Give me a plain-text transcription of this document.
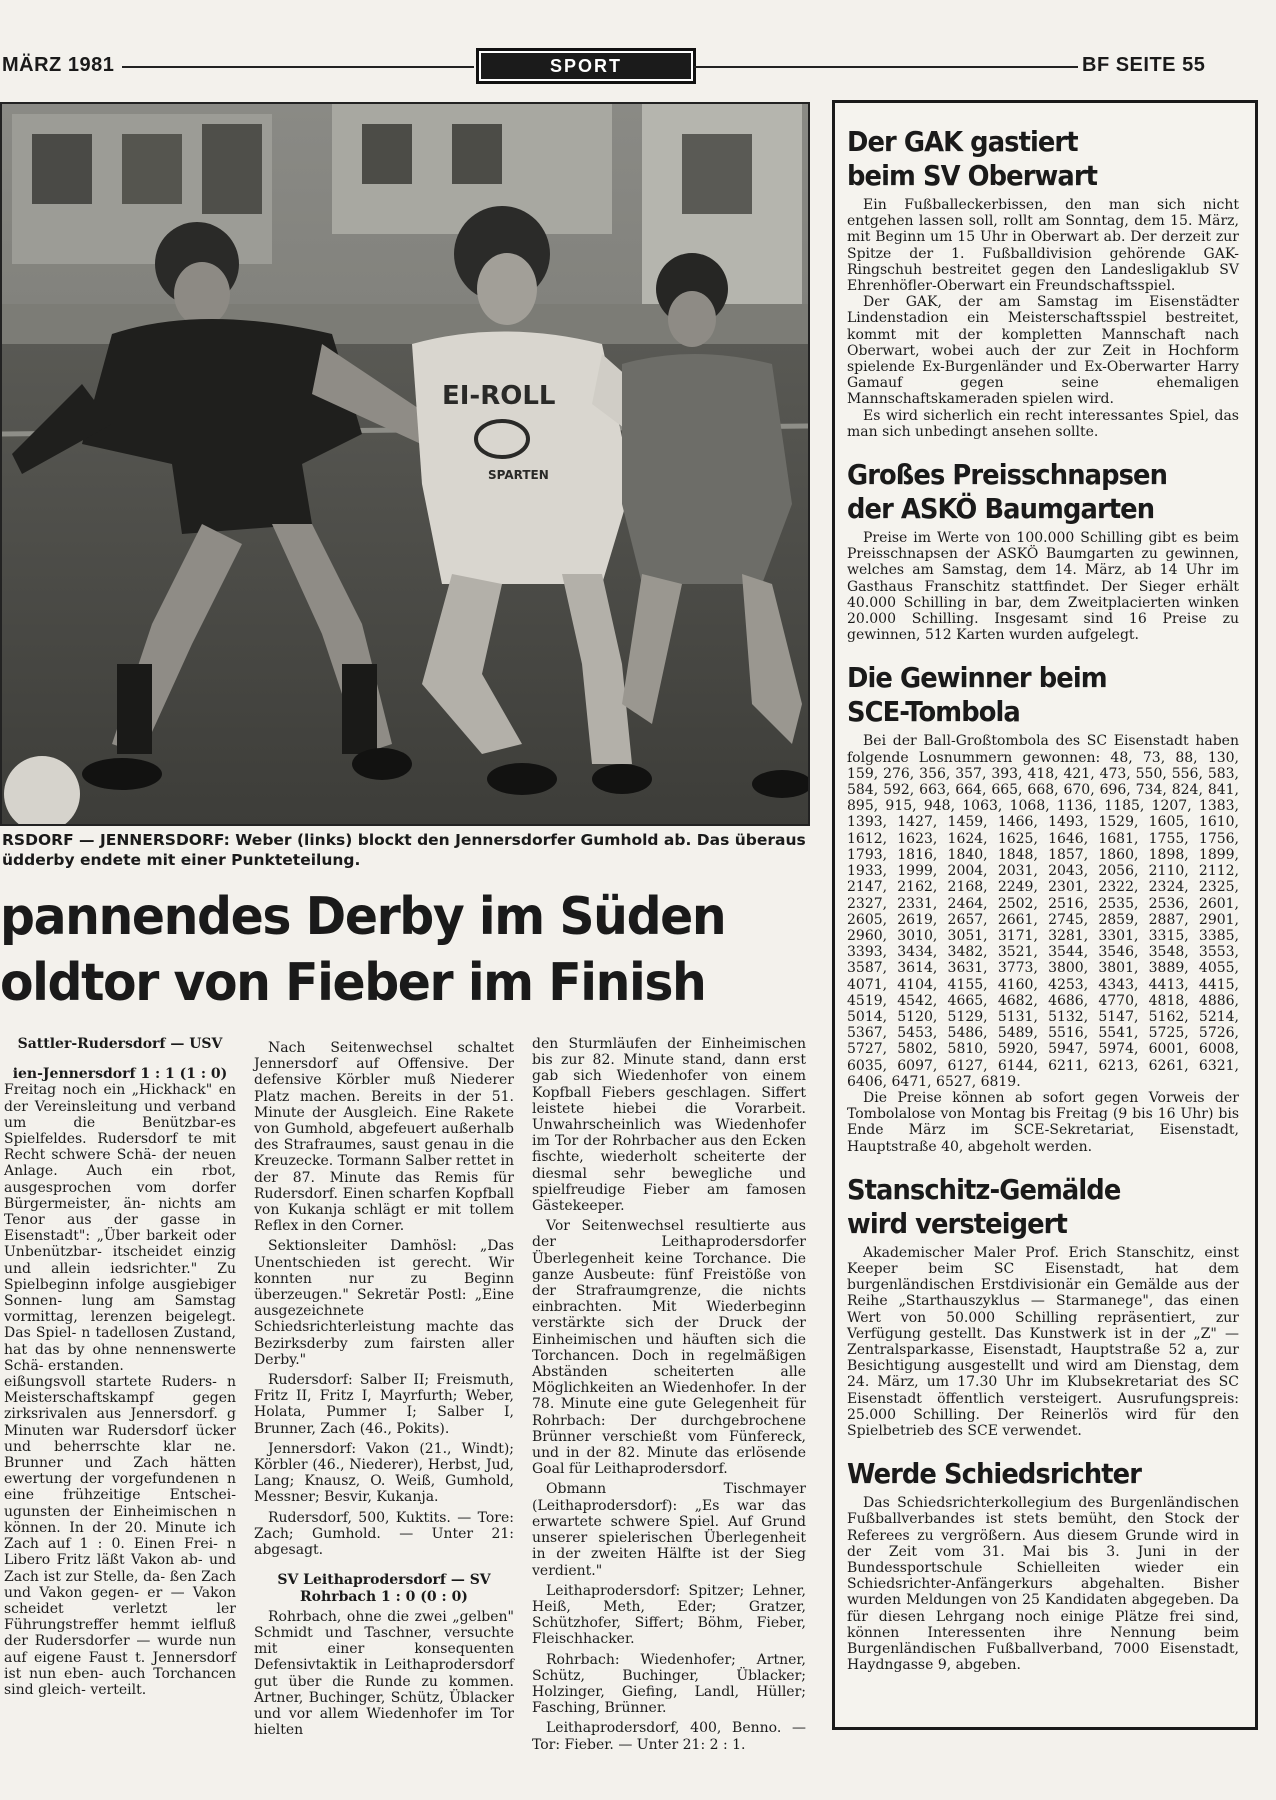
MÄRZ 1981	SPORT	BF SEITE 55
EI-ROLL
SPARTEN
RSDORF — JENNERSDORF: Weber (links) blockt den Jennersdorfer Gumhold ab. Das überaus üdderby endete mit einer Punkteteilung.
pannendes Derby im Süden
oldtor von Fieber im Finish

Sattler-Rudersdorf — USV

ien-Jennersdorf 1 : 1 (1 : 0)

Freitag noch ein „Hickhack" en der Vereinsleitung und verband um die Benützbar-es Spielfeldes. Rudersdorf te mit Recht schwere Schä- der neuen Anlage. Auch ein rbot, ausgesprochen vom dorfer Bürgermeister, än- nichts am Tenor aus der gasse in Eisenstadt": „Über barkeit oder Unbenützbar- itscheidet einzig und allein iedsrichter." Zu Spielbeginn infolge ausgiebiger Sonnen- lung am Samstag vormittag, lerenzen beigelegt. Das Spiel- n tadellosen Zustand, hat das by ohne nennenswerte Schä- erstanden.

eißungsvoll startete Ruders- n Meisterschaftskampf gegen zirksrivalen aus Jennersdorf. g Minuten war Rudersdorf ücker und beherrschte klar ne. Brunner und Zach hätten ewertung der vorgefundenen n eine frühzeitige Entschei- ugunsten der Einheimischen n können. In der 20. Minute ich Zach auf 1 : 0. Einen Frei- n Libero Fritz läßt Vakon ab- und Zach ist zur Stelle, da- ßen Zach und Vakon gegen- er — Vakon scheidet verletzt ler Führungstreffer hemmt ielfluß der Rudersdorfer — wurde nun auf eigene Faust t. Jennersdorf ist nun eben- auch Torchancen sind gleich- verteilt.

Nach Seitenwechsel schaltet Jennersdorf auf Offensive. Der defensive Körbler muß Niederer Platz machen. Bereits in der 51. Minute der Ausgleich. Eine Rakete von Gumhold, abgefeuert außerhalb des Strafraumes, saust genau in die Kreuzecke. Tormann Salber rettet in der 87. Minute das Remis für Rudersdorf. Einen scharfen Kopfball von Kukanja schlägt er mit tollem Reflex in den Corner.

Sektionsleiter Damhösl: „Das Unentschieden ist gerecht. Wir konnten nur zu Beginn überzeugen." Sekretär Postl: „Eine ausgezeichnete Schiedsrichterleistung machte das Bezirksderby zum fairsten aller Derby."

Rudersdorf: Salber II; Freismuth, Fritz II, Fritz I, Mayrfurth; Weber, Holata, Pummer I; Salber I, Brunner, Zach (46., Pokits).

Jennersdorf: Vakon (21., Windt); Körbler (46., Niederer), Herbst, Jud, Lang; Knausz, O. Weiß, Gumhold, Messner; Besvir, Kukanja.

Rudersdorf, 500, Kuktits. — Tore: Zach; Gumhold. — Unter 21: abgesagt.

SV Leithaprodersdorf — SV Rohrbach 1 : 0 (0 : 0)

Rohrbach, ohne die zwei „gelben" Schmidt und Taschner, versuchte mit einer konsequenten Defensivtaktik in Leithaprodersdorf gut über die Runde zu kommen. Artner, Buchinger, Schütz, Üblacker und vor allem Wiedenhofer im Tor hielten

den Sturmläufen der Einheimischen bis zur 82. Minute stand, dann erst gab sich Wiedenhofer von einem Kopfball Fiebers geschlagen. Siffert leistete hiebei die Vorarbeit. Unwahrscheinlich was Wiedenhofer im Tor der Rohrbacher aus den Ecken fischte, wiederholt scheiterte der diesmal sehr bewegliche und spielfreudige Fieber am famosen Gästekeeper.

Vor Seitenwechsel resultierte aus der Leithaprodersdorfer Überlegenheit keine Torchance. Die ganze Ausbeute: fünf Freistöße von der Strafraumgrenze, die nichts einbrachten. Mit Wiederbeginn verstärkte sich der Druck der Einheimischen und häuften sich die Torchancen. Doch in regelmäßigen Abständen scheiterten alle Möglichkeiten an Wiedenhofer. In der 78. Minute eine gute Gelegenheit für Rohrbach: Der durchgebrochene Brünner verschießt vom Fünfereck, und in der 82. Minute das erlösende Goal für Leithaprodersdorf.

Obmann Tischmayer (Leithaprodersdorf): „Es war das erwartete schwere Spiel. Auf Grund unserer spielerischen Überlegenheit in der zweiten Hälfte ist der Sieg verdient."

Leithaprodersdorf: Spitzer; Lehner, Heiß, Meth, Eder; Gratzer, Schützhofer, Siffert; Böhm, Fieber, Fleischhacker.

Rohrbach: Wiedenhofer; Artner, Schütz, Buchinger, Üblacker; Holzinger, Giefing, Landl, Hüller; Fasching, Brünner.

Leithaprodersdorf, 400, Benno. — Tor: Fieber. — Unter 21: 2 : 1.

Der GAK gastiert
beim SV Oberwart

Ein Fußballeckerbissen, den man sich nicht entgehen lassen soll, rollt am Sonntag, dem 15. März, mit Beginn um 15 Uhr in Oberwart ab. Der derzeit zur Spitze der 1. Fußballdivision gehörende GAK-Ringschuh bestreitet gegen den Landesligaklub SV Ehrenhöfler-Oberwart ein Freundschaftsspiel.

Der GAK, der am Samstag im Eisenstädter Lindenstadion ein Meisterschaftsspiel bestreitet, kommt mit der kompletten Mannschaft nach Oberwart, wobei auch der zur Zeit in Hochform spielende Ex-Burgenländer und Ex-Oberwarter Harry Gamauf gegen seine ehemaligen Mannschaftskameraden spielen wird.

Es wird sicherlich ein recht interessantes Spiel, das man sich unbedingt ansehen sollte.

Großes Preisschnapsen
der ASKÖ Baumgarten

Preise im Werte von 100.000 Schilling gibt es beim Preisschnapsen der ASKÖ Baumgarten zu gewinnen, welches am Samstag, dem 14. März, ab 14 Uhr im Gasthaus Franschitz stattfindet. Der Sieger erhält 40.000 Schilling in bar, dem Zweitplacierten winken 20.000 Schilling. Insgesamt sind 16 Preise zu gewinnen, 512 Karten wurden aufgelegt.

Die Gewinner beim
SCE-Tombola

Bei der Ball-Großtombola des SC Eisenstadt haben folgende Losnummern gewonnen: 48, 73, 88, 130, 159, 276, 356, 357, 393, 418, 421, 473, 550, 556, 583, 584, 592, 663, 664, 665, 668, 670, 696, 734, 824, 841, 895, 915, 948, 1063, 1068, 1136, 1185, 1207, 1383, 1393, 1427, 1459, 1466, 1493, 1529, 1605, 1610, 1612, 1623, 1624, 1625, 1646, 1681, 1755, 1756, 1793, 1816, 1840, 1848, 1857, 1860, 1898, 1899, 1933, 1999, 2004, 2031, 2043, 2056, 2110, 2112, 2147, 2162, 2168, 2249, 2301, 2322, 2324, 2325, 2327, 2331, 2464, 2502, 2516, 2535, 2536, 2601, 2605, 2619, 2657, 2661, 2745, 2859, 2887, 2901, 2960, 3010, 3051, 3171, 3281, 3301, 3315, 3385, 3393, 3434, 3482, 3521, 3544, 3546, 3548, 3553, 3587, 3614, 3631, 3773, 3800, 3801, 3889, 4055, 4071, 4104, 4155, 4160, 4253, 4343, 4413, 4415, 4519, 4542, 4665, 4682, 4686, 4770, 4818, 4886, 5014, 5120, 5129, 5131, 5132, 5147, 5162, 5214, 5367, 5453, 5486, 5489, 5516, 5541, 5725, 5726, 5727, 5802, 5810, 5920, 5947, 5974, 6001, 6008, 6035, 6097, 6127, 6144, 6211, 6213, 6261, 6321, 6406, 6471, 6527, 6819.

Die Preise können ab sofort gegen Vorweis der Tombolalose von Montag bis Freitag (9 bis 16 Uhr) bis Ende März im SCE-Sekretariat, Eisenstadt, Hauptstraße 40, abgeholt werden.

Stanschitz-Gemälde
wird versteigert

Akademischer Maler Prof. Erich Stanschitz, einst Keeper beim SC Eisenstadt, hat dem burgenländischen Erstdivisionär ein Gemälde aus der Reihe „Starthauszyklus — Starmanege", das einen Wert von 50.000 Schilling repräsentiert, zur Verfügung gestellt. Das Kunstwerk ist in der „Z" — Zentralsparkasse, Eisenstadt, Hauptstraße 52 a, zur Besichtigung ausgestellt und wird am Dienstag, dem 24. März, um 17.30 Uhr im Klubsekretariat des SC Eisenstadt öffentlich versteigert. Ausrufungspreis: 25.000 Schilling. Der Reinerlös wird für den Spielbetrieb des SCE verwendet.

Werde Schiedsrichter

Das Schiedsrichterkollegium des Burgenländischen Fußballverbandes ist stets bemüht, den Stock der Referees zu vergrößern. Aus diesem Grunde wird in der Zeit vom 31. Mai bis 3. Juni in der Bundessportschule Schielleiten wieder ein Schiedsrichter-Anfängerkurs abgehalten. Bisher wurden Meldungen von 25 Kandidaten abgegeben. Da für diesen Lehrgang noch einige Plätze frei sind, können Interessenten ihre Nennung beim Burgenländischen Fußballverband, 7000 Eisenstadt, Haydngasse 9, abgeben.
